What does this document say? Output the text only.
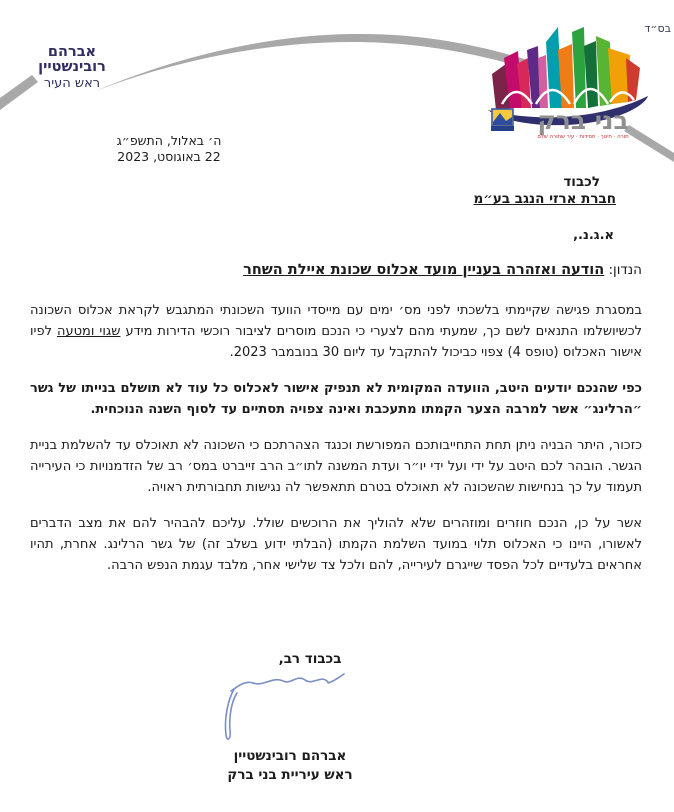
בס״ד
אברהם
רובינשטיין
ראש העיר
בני ברק
תורה · חינוך · חסידות · עיר שתורה שלם
ה׳ באלול, התשפ״ג
22 באוגוסט, 2023
לכבוד
חברת ארזי הנגב בע״מ
א.ג.נ.,
הנדון: הודעה ואזהרה בעניין מועד אכלוס שכונת איילת השחר

במסגרת פגישה שקיימתי בלשכתי לפני מס׳ ימים עם מייסדי הוועד השכונתי המתגבש לקראת אכלוס השכונה לכשיושלמו התנאים לשם כך, שמעתי מהם לצערי כי הנכם מוסרים לציבור רוכשי הדירות מידע שגוי ומטעה לפיו אישור האכלוס (טופס 4) צפוי כביכול להתקבל עד ליום 30 בנובמבר 2023.

כפי שהנכם יודעים היטב, הוועדה המקומית לא תנפיק אישור לאכלוס כל עוד לא תושלם בנייתו של גשר ״הרלינג״ אשר למרבה הצער הקמתו מתעכבת ואינה צפויה תסתיים עד לסוף השנה הנוכחית.

כזכור, היתר הבניה ניתן תחת התחייבותכם המפורשת וכנגד הצהרתכם כי השכונה לא תאוכלס עד להשלמת בניית הגשר. הובהר לכם היטב על ידי ועל ידי יו״ר ועדת המשנה לתו״ב הרב זייברט במס׳ רב של הזדמנויות כי העירייה תעמוד על כך בנחישות שהשכונה לא תאוכלס בטרם תתאפשר לה נגישות תחבורתית ראויה.

אשר על כן, הנכם חוזרים ומוזהרים שלא להוליך את הרוכשים שולל. עליכם להבהיר להם את מצב הדברים לאשורו, היינו כי האכלוס תלוי במועד השלמת הקמתו (הבלתי ידוע בשלב זה) של גשר הרלינג. אחרת, תהיו אחראים בלעדיים לכל הפסד שייגרם לעירייה, להם ולכל צד שלישי אחר, מלבד עגמת הנפש הרבה.

בכבוד רב,
אברהם רובינשטיין
ראש עיריית בני ברק
